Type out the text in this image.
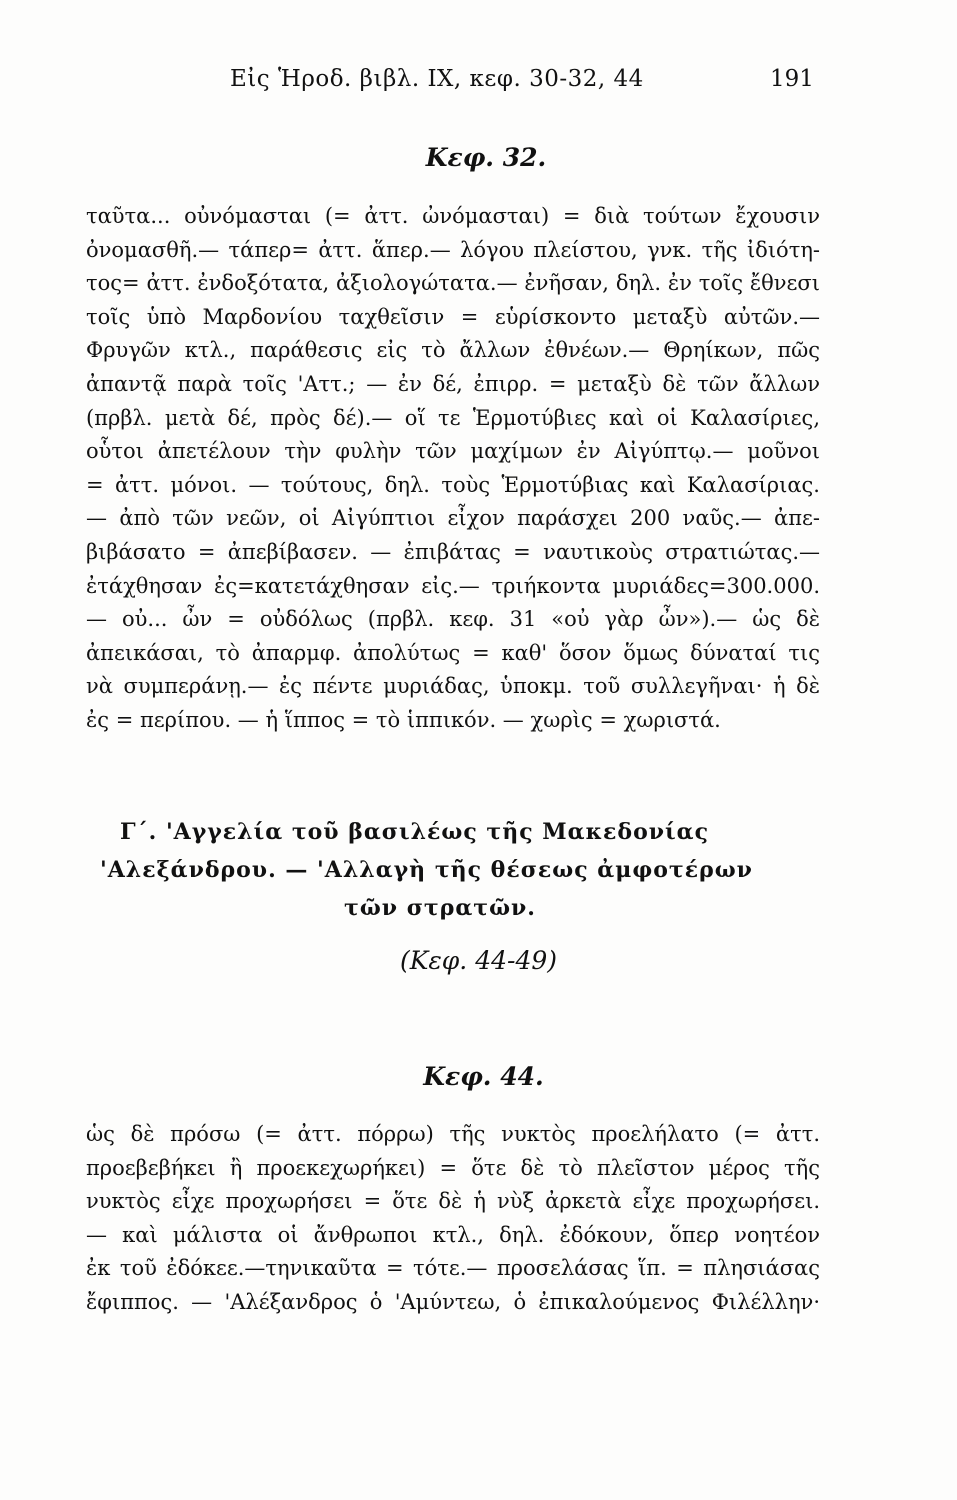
Εἰς Ἡροδ. βιβλ. IX, κεφ. 30-32, 44	191
Κεφ. 32.
ταῦτα... οὐνόμασται (= ἀττ. ὠνόμασται) = διὰ τούτων ἔχουσιν
ὀνομασθῆ.— τάπερ= ἀττ. ἅπερ.— λόγου πλείστου, γνκ. τῆς ἰδιότη-
τος= ἀττ. ἐνδοξότατα, ἀξιολογώτατα.— ἐνῆσαν, δηλ. ἐν τοῖς ἔθνεσι
τοῖς ὑπὸ Μαρδονίου ταχθεῖσιν = εὑρίσκοντο μεταξὺ αὐτῶν.—
Φρυγῶν κτλ., παράθεσις εἰς τὸ ἄλλων ἐθνέων.— Θρηίκων, πῶς
ἀπαντᾷ παρὰ τοῖς 'Αττ.; — ἐν δέ, ἐπιρρ. = μεταξὺ δὲ τῶν ἄλλων
(πρβλ. μετὰ δέ, πρὸς δέ).— οἵ τε Ἑρμοτύβιες καὶ οἱ Καλασίριες,
οὗτοι ἀπετέλουν τὴν φυλὴν τῶν μαχίμων ἐν Αἰγύπτῳ.— μοῦνοι
= ἀττ. μόνοι. — τούτους, δηλ. τοὺς Ἑρμοτύβιας καὶ Καλασίριας.
— ἀπὸ τῶν νεῶν, οἱ Αἰγύπτιοι εἶχον παράσχει 200 ναῦς.— ἀπε-
βιβάσατο = ἀπεβίβασεν. — ἐπιβάτας = ναυτικοὺς στρατιώτας.—
ἐτάχθησαν ἐς=κατετάχθησαν εἰς.— τριήκοντα μυριάδες=300.000.
— οὐ... ὦν = οὐδόλως (πρβλ. κεφ. 31 «οὐ γὰρ ὦν»).— ὡς δὲ
ἀπεικάσαι, τὸ ἀπαρμφ. ἀπολύτως = καθ' ὅσον ὅμως δύναταί τις
νὰ συμπεράνῃ.— ἐς πέντε μυριάδας, ὑποκμ. τοῦ συλλεγῆναι· ἡ δὲ
ἐς = περίπου. — ἡ ἵππος = τὸ ἱππικόν. — χωρὶς = χωριστά.
Γ΄. 'Αγγελία τοῦ βασιλέως τῆς Μακεδονίας
'Αλεξάνδρου. — 'Αλλαγὴ τῆς θέσεως ἀμφοτέρων
τῶν στρατῶν.
(Κεφ. 44-49)
Κεφ. 44.
ὡς δὲ πρόσω (= ἀττ. πόρρω) τῆς νυκτὸς προελήλατο (= ἀττ.
προεβεβήκει ἢ προεκεχωρήκει) = ὅτε δὲ τὸ πλεῖστον μέρος τῆς
νυκτὸς εἶχε προχωρήσει = ὅτε δὲ ἡ νὺξ ἀρκετὰ εἶχε προχωρήσει.
— καὶ μάλιστα οἱ ἄνθρωποι κτλ., δηλ. ἐδόκουν, ὅπερ νοητέον
ἐκ τοῦ ἐδόκεε.—τηνικαῦτα = τότε.— προσελάσας ἵπ. = πλησιάσας
ἔφιππος. — 'Αλέξανδρος ὁ 'Αμύντεω, ὁ ἐπικαλούμενος Φιλέλλην·
